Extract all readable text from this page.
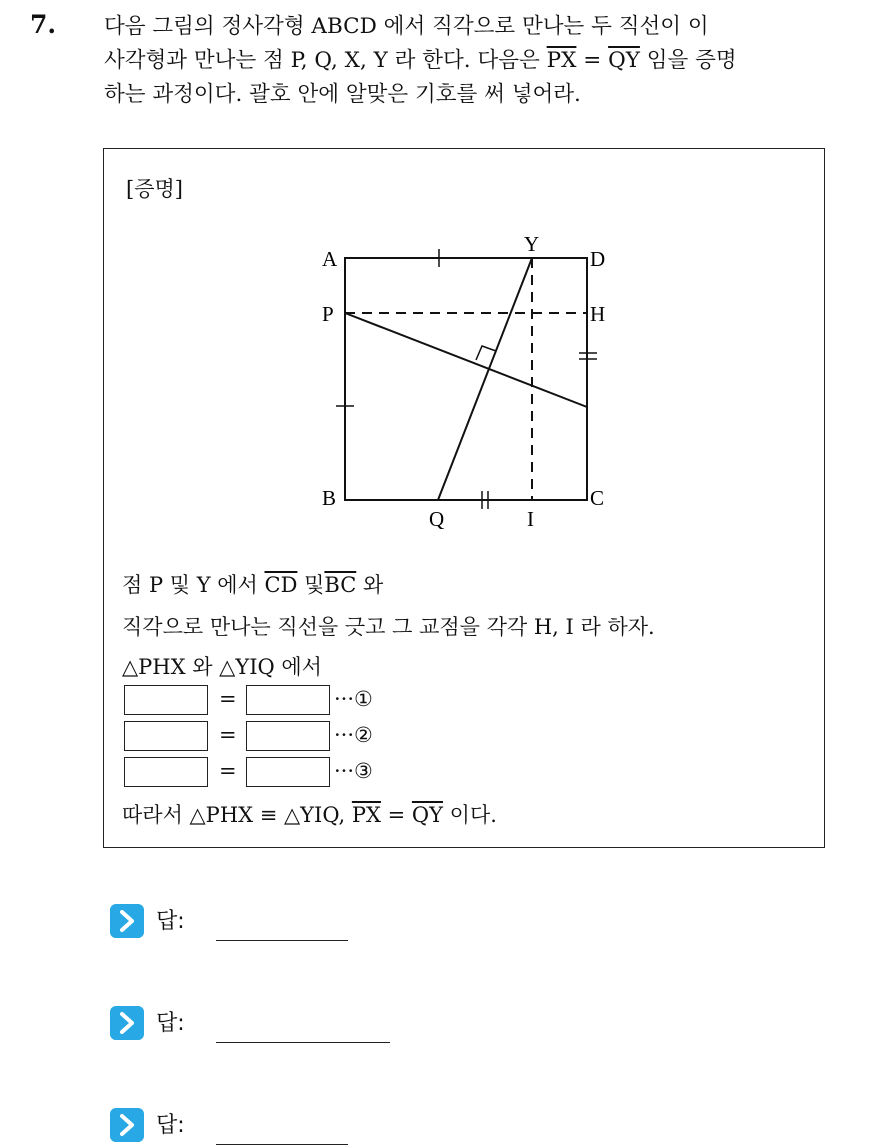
7. 다음 그림의 정사각형 ABCD 에서 직각으로 만나는 두 직선이 이
사각형과 만나는 점 P, Q, X, Y 라 한다. 다음은 $\overline{PX} = \overline{QY}$ 임을 증명
하는 과정이다. 괄호 안에 알맞은 기호를 써 넣어라.
[증명]
A	D
Y
P	H
B	C
Q	I
점 P 및 Y 에서 $\overline{CD}$ 및$\overline{BC}$ 와
직각으로 만나는 직선을 긋고 그 교점을 각각 H, I 라 하자.
△PHX 와 △YIQ 에서
=	···①
=	···②
=	···③
따라서 △PHX ≡ △YIQ, $\overline{PX} = \overline{QY}$ 이다.
답:
답:
답:
